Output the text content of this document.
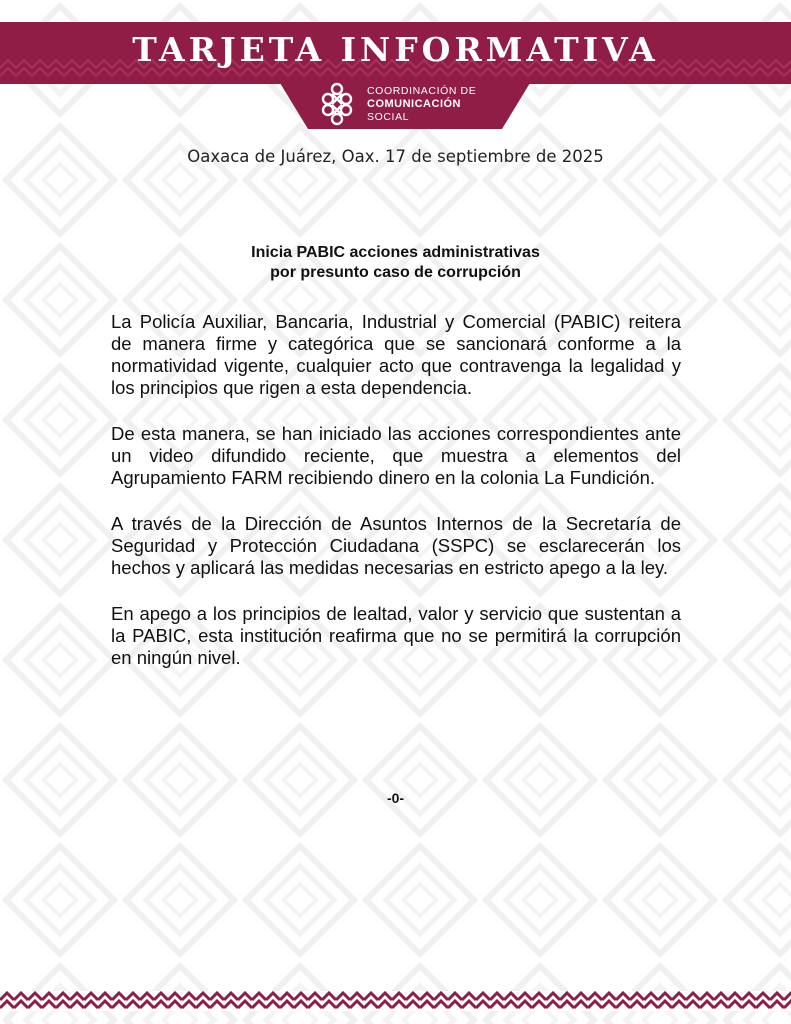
TARJETA INFORMATIVA
COORDINACIÓN DE
COMUNICACIÓN
SOCIAL
Oaxaca de Juárez, Oax. 17 de septiembre de 2025
Inicia PABIC acciones administrativas
por presunto caso de corrupción

La Policía Auxiliar, Bancaria, Industrial y Comercial (PABIC) reitera de manera firme y categórica que se sancionará conforme a la normatividad vigente, cualquier acto que contravenga la legalidad y los principios que rigen a esta dependencia.

De esta manera, se han iniciado las acciones correspondientes ante un video difundido reciente, que muestra a elementos del Agrupamiento FARM recibiendo dinero en la colonia La Fundición.

A través de la Dirección de Asuntos Internos de la Secretaría de Seguridad y Protección Ciudadana (SSPC) se esclarecerán los hechos y aplicará las medidas necesarias en estricto apego a la ley.

En apego a los principios de lealtad, valor y servicio que sustentan a la PABIC, esta institución reafirma que no se permitirá la corrupción en ningún nivel.

-0-
